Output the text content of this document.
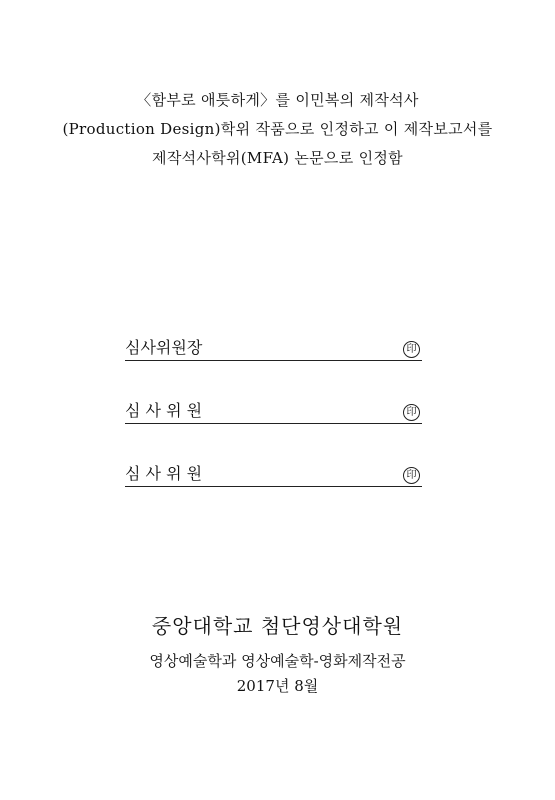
〈함부로 애틋하게〉를 이민복의 제작석사
(Production Design)학위 작품으로 인정하고 이 제작보고서를
제작석사학위(MFA) 논문으로 인정함
심사위원장	印
심 사 위 원	印
심 사 위 원	印
중앙대학교 첨단영상대학원
영상예술학과 영상예술학-영화제작전공
2017년 8월
